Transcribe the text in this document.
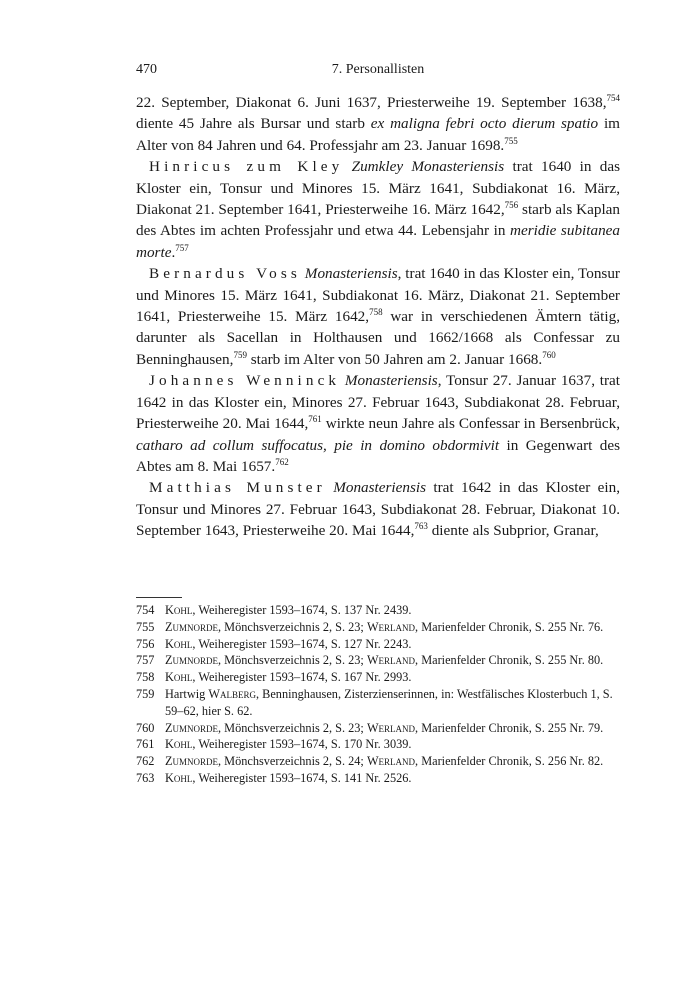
470	7. Personallisten

22. September, Diakonat 6. Juni 1637, Priesterweihe 19. September 1638,$^{754}$ diente 45 Jahre als Bursar und starb ex maligna febri octo dierum spatio im Alter von 84 Jahren und 64. Professjahr am 23. Januar 1698.$^{755}$

Hinricus zum Kley Zumkley Monasteriensis trat 1640 in das Kloster ein, Tonsur und Minores 15. März 1641, Subdiakonat 16. März, Diakonat 21. September 1641, Priesterweihe 16. März 1642,$^{756}$ starb als Kaplan des Abtes im achten Professjahr und etwa 44. Lebensjahr in meridie subitanea morte.$^{757}$

Bernardus Voss Monasteriensis, trat 1640 in das Kloster ein, Tonsur und Minores 15. März 1641, Subdiakonat 16. März, Diakonat 21. September 1641, Priesterweihe 15. März 1642,$^{758}$ war in verschiedenen Ämtern tätig, darunter als Sacellan in Holthausen und 1662/1668 als Confessar zu Benninghausen,$^{759}$ starb im Alter von 50 Jahren am 2. Januar 1668.$^{760}$

Johannes Wenninck Monasteriensis, Tonsur 27. Januar 1637, trat 1642 in das Kloster ein, Minores 27. Februar 1643, Subdiakonat 28. Februar, Priesterweihe 20. Mai 1644,$^{761}$ wirkte neun Jahre als Confessar in Bersenbrück, catharo ad collum suffocatus, pie in domino obdormivit in Gegenwart des Abtes am 8. Mai 1657.$^{762}$

Matthias Munster Monasteriensis trat 1642 in das Kloster ein, Tonsur und Minores 27. Februar 1643, Subdiakonat 28. Februar, Diakonat 10. September 1643, Priesterweihe 20. Mai 1644,$^{763}$ diente als Subprior, Granar,

754 Kohl, Weiheregister 1593–1674, S. 137 Nr. 2439.
755 Zumnorde, Mönchsverzeichnis 2, S. 23; Werland, Marienfelder Chronik, S. 255 Nr. 76.
756 Kohl, Weiheregister 1593–1674, S. 127 Nr. 2243.
757 Zumnorde, Mönchsverzeichnis 2, S. 23; Werland, Marienfelder Chronik, S. 255 Nr. 80.
758 Kohl, Weiheregister 1593–1674, S. 167 Nr. 2993.
759 Hartwig Walberg, Benninghausen, Zisterzienserinnen, in: Westfälisches Klosterbuch 1, S. 59–62, hier S. 62.
760 Zumnorde, Mönchsverzeichnis 2, S. 23; Werland, Marienfelder Chronik, S. 255 Nr. 79.
761 Kohl, Weiheregister 1593–1674, S. 170 Nr. 3039.
762 Zumnorde, Mönchsverzeichnis 2, S. 24; Werland, Marienfelder Chronik, S. 256 Nr. 82.
763 Kohl, Weiheregister 1593–1674, S. 141 Nr. 2526.
